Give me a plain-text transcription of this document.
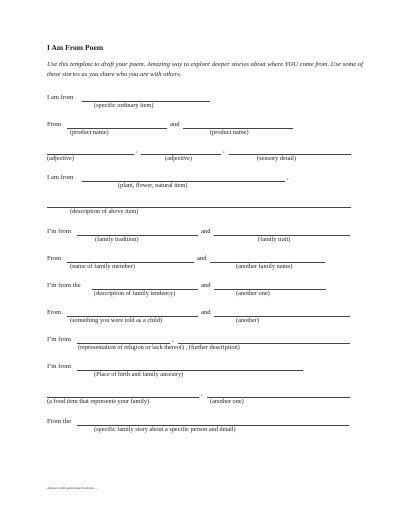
I Am From Poem
Use this template to draft your poem. Amazing way to explore deeper stories about where YOU come from. Use some of these stories as you share who you are with others.
I am from
(specific ordinary item)
From	and
(product name)	(product name)
,	,
(adjective)	(adjective)	(sensory detail)
I am from	,
(plant, flower, natural item)
(description of above item)
I’m from	and
(family tradition)	(family trait)
From	and
(name of family member)	(another family name)
I’m from the	and
(description of family tendency)	(another one)
From	and
(something you were told as a child)	(another)
I’m from	,
(representation of religion or lack thereof) , (further description)
I’m from
(Place of birth and family ancestry)
,
(a food item that represents your family)	(another one)
From the
(specific family story about a specific person and detail)
Adapted with permission from the ...
